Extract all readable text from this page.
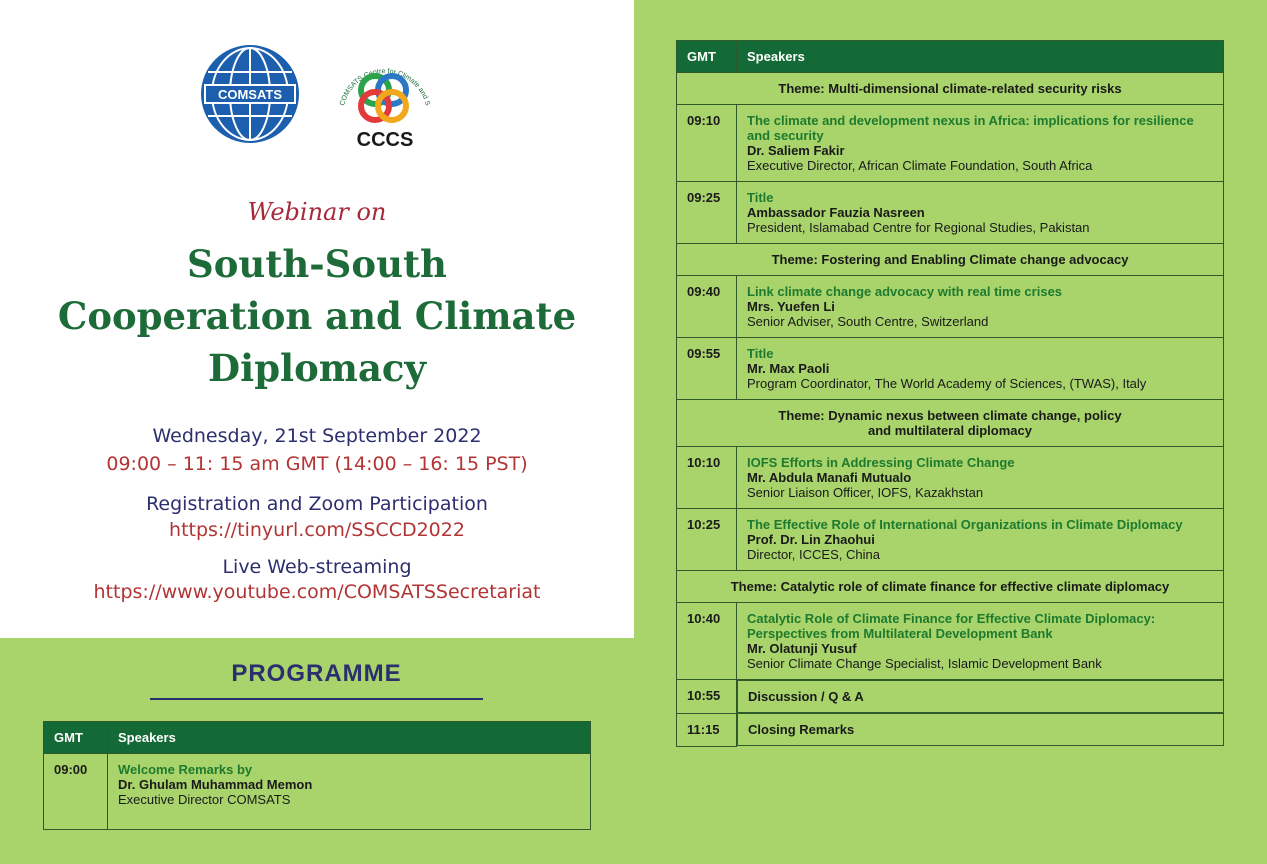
COMSATS
COMSATS Centre for Climate and S
CCCS
Webinar on
South-South
Cooperation and Climate
Diplomacy
Wednesday, 21st September 2022
09:00 – 11: 15 am GMT (14:00 – 16: 15 PST)
Registration and Zoom Participation
https://tinyurl.com/SSCCD2022
Live Web-streaming
https://www.youtube.com/COMSATSSecretariat
PROGRAMME
GMT	Speakers
09:00	Welcome Remarks by
Dr. Ghulam Muhammad Memon
Executive Director COMSATS
GMT	Speakers
Theme: Multi-dimensional climate-related security risks	
09:10	The climate and development nexus in Africa: implications for resilience and security
Dr. Saliem Fakir
Executive Director, African Climate Foundation, South Africa

09:25	Title
Ambassador Fauzia Nasreen
President, Islamabad Centre for Regional Studies, Pakistan

Theme: Fostering and Enabling Climate change advocacy	
09:40	Link climate change advocacy with real time crises
Mrs. Yuefen Li
Senior Adviser, South Centre, Switzerland

09:55	Title
Mr. Max Paoli
Program Coordinator, The World Academy of Sciences, (TWAS), Italy

Theme: Dynamic nexus between climate change, policy
and multilateral diplomacy	

10:10	IOFS Efforts in Addressing Climate Change
Mr. Abdula Manafi Mutualo
Senior Liaison Officer, IOFS, Kazakhstan

10:25	The Effective Role of International Organizations in Climate Diplomacy
Prof. Dr. Lin Zhaohui
Director, ICCES, China

Theme: Catalytic role of climate finance for effective climate diplomacy	
10:40	Catalytic Role of Climate Finance for Effective Climate Diplomacy: Perspectives from Multilateral Development Bank
Mr. Olatunji Yusuf
Senior Climate Change Specialist, Islamic Development Bank

10:55		Discussion / Q & A

11:15		Closing Remarks
